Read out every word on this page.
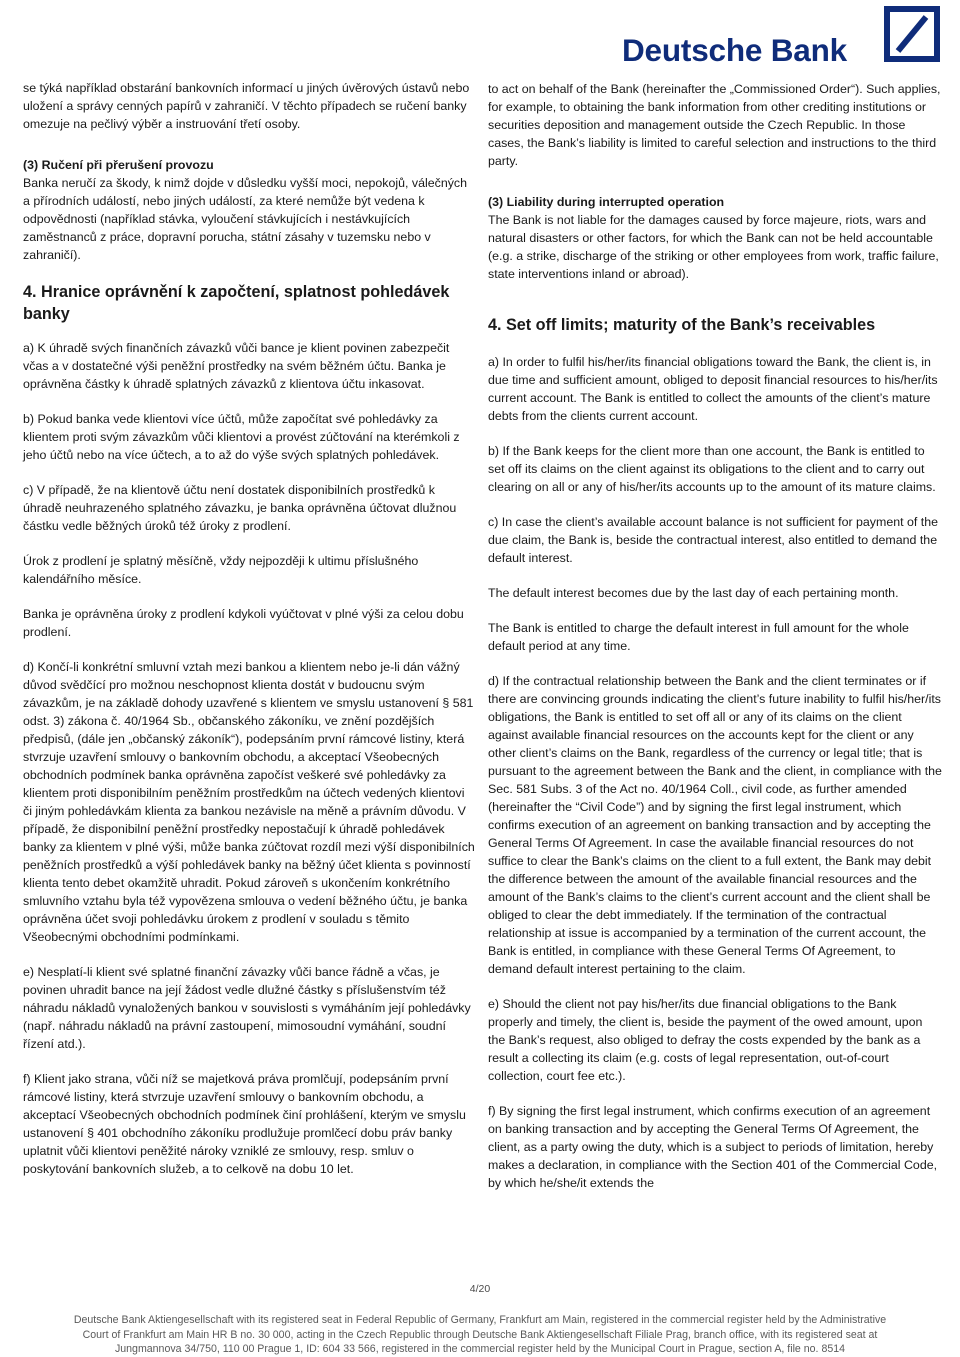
Deutsche Bank

se týká například obstarání bankovních informací u jiných úvěrových ústavů nebo uložení a správy cenných papírů v zahraničí. V těchto případech se ručení banky omezuje na pečlivý výběr a instruování třetí osoby.

(3) Ručení při přerušení provozu

Banka neručí za škody, k nimž dojde v důsledku vyšší moci, nepokojů, válečných a přírodních událostí, nebo jiných událostí, za které nemůže být vedena k odpovědnosti (například stávka, vyloučení stávkujících i nestávkujících zaměstnanců z práce, dopravní porucha, státní zásahy v tuzemsku nebo v zahraničí).

4. Hranice oprávnění k započtení, splatnost pohledávek banky

a) K úhradě svých finančních závazků vůči bance je klient povinen zabezpečit včas a v dostatečné výši peněžní prostředky na svém běžném účtu. Banka je oprávněna částky k úhradě splatných závazků z klientova účtu inkasovat.

b) Pokud banka vede klientovi více účtů, může započítat své pohledávky za klientem proti svým závazkům vůči klientovi a provést zúčtování na kterémkoli z jeho účtů nebo na více účtech, a to až do výše svých splatných pohledávek.

c) V případě, že na klientově účtu není dostatek disponibilních prostředků k úhradě neuhrazeného splatného závazku, je banka oprávněna účtovat dlužnou částku vedle běžných úroků též úroky z prodlení.

Úrok z prodlení je splatný měsíčně, vždy nejpozději k ultimu příslušného kalendářního měsíce.

Banka je oprávněna úroky z prodlení kdykoli vyúčtovat v plné výši za celou dobu prodlení.

d) Končí-li konkrétní smluvní vztah mezi bankou a klientem nebo je-li dán vážný důvod svědčící pro možnou neschopnost klienta dostát v budoucnu svým závazkům, je na základě dohody uzavřené s klientem ve smyslu ustanovení § 581 odst. 3) zákona č. 40/1964 Sb., občanského zákoníku, ve znění pozdějších předpisů, (dále jen „občanský zákoník“), podepsáním první rámcové listiny, která stvrzuje uzavření smlouvy o bankovním obchodu, a akceptací Všeobecných obchodních podmínek banka oprávněna započíst veškeré své pohledávky za klientem proti disponibilním peněžním prostředkům na účtech vedených klientovi či jiným pohledávkám klienta za bankou nezávisle na měně a právním důvodu. V případě, že disponibilní peněžní prostředky nepostačují k úhradě pohledávek banky za klientem v plné výši, může banka zúčtovat rozdíl mezi výší disponibilních peněžních prostředků a výší pohledávek banky na běžný účet klienta s povinností klienta tento debet okamžitě uhradit. Pokud zároveň s ukončením konkrétního smluvního vztahu byla též vypovězena smlouva o vedení běžného účtu, je banka oprávněna účet svoji pohledávku úrokem z prodlení v souladu s těmito Všeobecnými obchodními podmínkami.

e) Nesplatí-li klient své splatné finanční závazky vůči bance řádně a včas, je povinen uhradit bance na její žádost vedle dlužné částky s příslušenstvím též náhradu nákladů vynaložených bankou v souvislosti s vymáháním její pohledávky (např. náhradu nákladů na právní zastoupení, mimosoudní vymáhání, soudní řízení atd.).

f) Klient jako strana, vůči níž se majetková práva promlčují, podepsáním první rámcové listiny, která stvrzuje uzavření smlouvy o bankovním obchodu, a akceptací Všeobecných obchodních podmínek činí prohlášení, kterým ve smyslu ustanovení § 401 obchodního zákoníku prodlužuje promlčecí dobu práv banky uplatnit vůči klientovi peněžité nároky vzniklé ze smlouvy, resp. smluv o poskytování bankovních služeb, a to celkově na dobu 10 let.

to act on behalf of the Bank (hereinafter the „Commissioned Order“). Such applies, for example, to obtaining the bank information from other crediting institutions or securities deposition and management outside the Czech Republic. In those cases, the Bank’s liability is limited to careful selection and instructions to the third party.

(3) Liability during interrupted operation

The Bank is not liable for the damages caused by force majeure, riots, wars and natural disasters or other factors, for which the Bank can not be held accountable (e.g. a strike, discharge of the striking or other employees from work, traffic failure, state interventions inland or abroad).

4. Set off limits; maturity of the Bank’s receivables

a) In order to fulfil his/her/its financial obligations toward the Bank, the client is, in due time and sufficient amount, obliged to deposit financial resources to his/her/its current account. The Bank is entitled to collect the amounts of the client’s mature debts from the clients current account.

b) If the Bank keeps for the client more than one account, the Bank is entitled to set off its claims on the client against its obligations to the client and to carry out clearing on all or any of his/her/its accounts up to the amount of its mature claims.

c) In case the client’s available account balance is not sufficient for payment of the due claim, the Bank is, beside the contractual interest, also entitled to demand the default interest.

The default interest becomes due by the last day of each pertaining month.

The Bank is entitled to charge the default interest in full amount for the whole default period at any time.

d) If the contractual relationship between the Bank and the client terminates or if there are convincing grounds indicating the client’s future inability to fulfil his/her/its obligations, the Bank is entitled to set off all or any of its claims on the client against available financial resources on the accounts kept for the client or any other client’s claims on the Bank, regardless of the currency or legal title; that is pursuant to the agreement between the Bank and the client, in compliance with the Sec. 581 Subs. 3 of the Act no. 40/1964 Coll., civil code, as further amended (hereinafter the “Civil Code”) and by signing the first legal instrument, which confirms execution of an agreement on banking transaction and by accepting the General Terms Of Agreement. In case the available financial resources do not suffice to clear the Bank’s claims on the client to a full extent, the Bank may debit the difference between the amount of the available financial resources and the amount of the Bank’s claims to the client’s current account and the client shall be obliged to clear the debt immediately. If the termination of the contractual relationship at issue is accompanied by a termination of the current account, the Bank is entitled, in compliance with these General Terms Of Agreement, to demand default interest pertaining to the claim.

e) Should the client not pay his/her/its due financial obligations to the Bank properly and timely, the client is, beside the payment of the owed amount, upon the Bank’s request, also obliged to defray the costs expended by the bank as a result a collecting its claim (e.g. costs of legal representation, out-of-court collection, court fee etc.).

f) By signing the first legal instrument, which confirms execution of an agreement on banking transaction and by accepting the General Terms Of Agreement, the client, as a party owing the duty, which is a subject to periods of limitation, hereby makes a declaration, in compliance with the Section 401 of the Commercial Code, by which he/she/it extends the

4/20
Deutsche Bank Aktiengesellschaft with its registered seat in Federal Republic of Germany, Frankfurt am Main, registered in the commercial register held by the Administrative
Court of Frankfurt am Main HR B no. 30 000, acting in the Czech Republic through Deutsche Bank Aktiengesellschaft Filiale Prag, branch office, with its registered seat at
Jungmannova 34/750, 110 00 Prague 1, ID: 604 33 566, registered in the commercial register held by the Municipal Court in Prague, section A, file no. 8514
